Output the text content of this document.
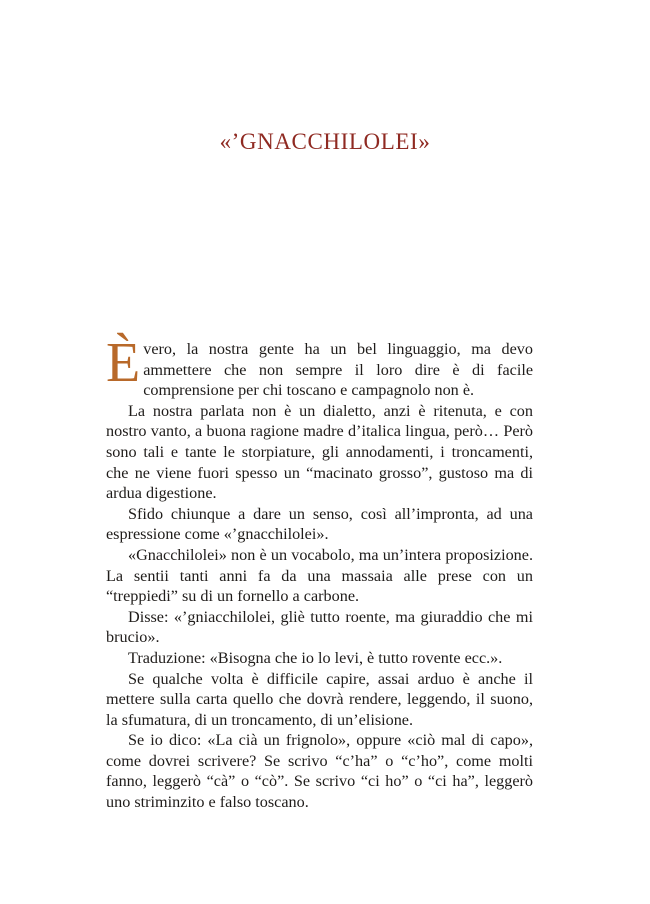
«’GNACCHILOLEI»

Èvero, la nostra gente ha un bel linguaggio, ma devo ammettere che non sempre il loro dire è di facile comprensione per chi toscano e campagnolo non è.

La nostra parlata non è un dialetto, anzi è ritenuta, e con nostro vanto, a buona ragione madre d’italica lingua, però… Però sono tali e tante le storpiature, gli annodamenti, i troncamenti, che ne viene fuori spesso un “macinato grosso”, gustoso ma di ardua digestione.

Sfido chiunque a dare un senso, così all’impronta, ad una espressione come «’gnacchilolei».

«Gnacchilolei» non è un vocabolo, ma un’intera proposizione. La sentii tanti anni fa da una massaia alle prese con un “treppiedi” su di un fornello a carbone.

Disse: «’gniacchilolei, gliè tutto roente, ma giuraddio che mi brucio».

Traduzione: «Bisogna che io lo levi, è tutto rovente ecc.».

Se qualche volta è difficile capire, assai arduo è anche il mettere sulla carta quello che dovrà rendere, leggendo, il suono, la sfumatura, di un troncamento, di un’elisione.

Se io dico: «La cià un frignolo», oppure «ciò mal di capo», come dovrei scrivere? Se scrivo “c’ha” o “c’ho”, come molti fanno, leggerò “cà” o “cò”. Se scrivo “ci ho” o “ci ha”, leggerò uno striminzito e falso toscano.
